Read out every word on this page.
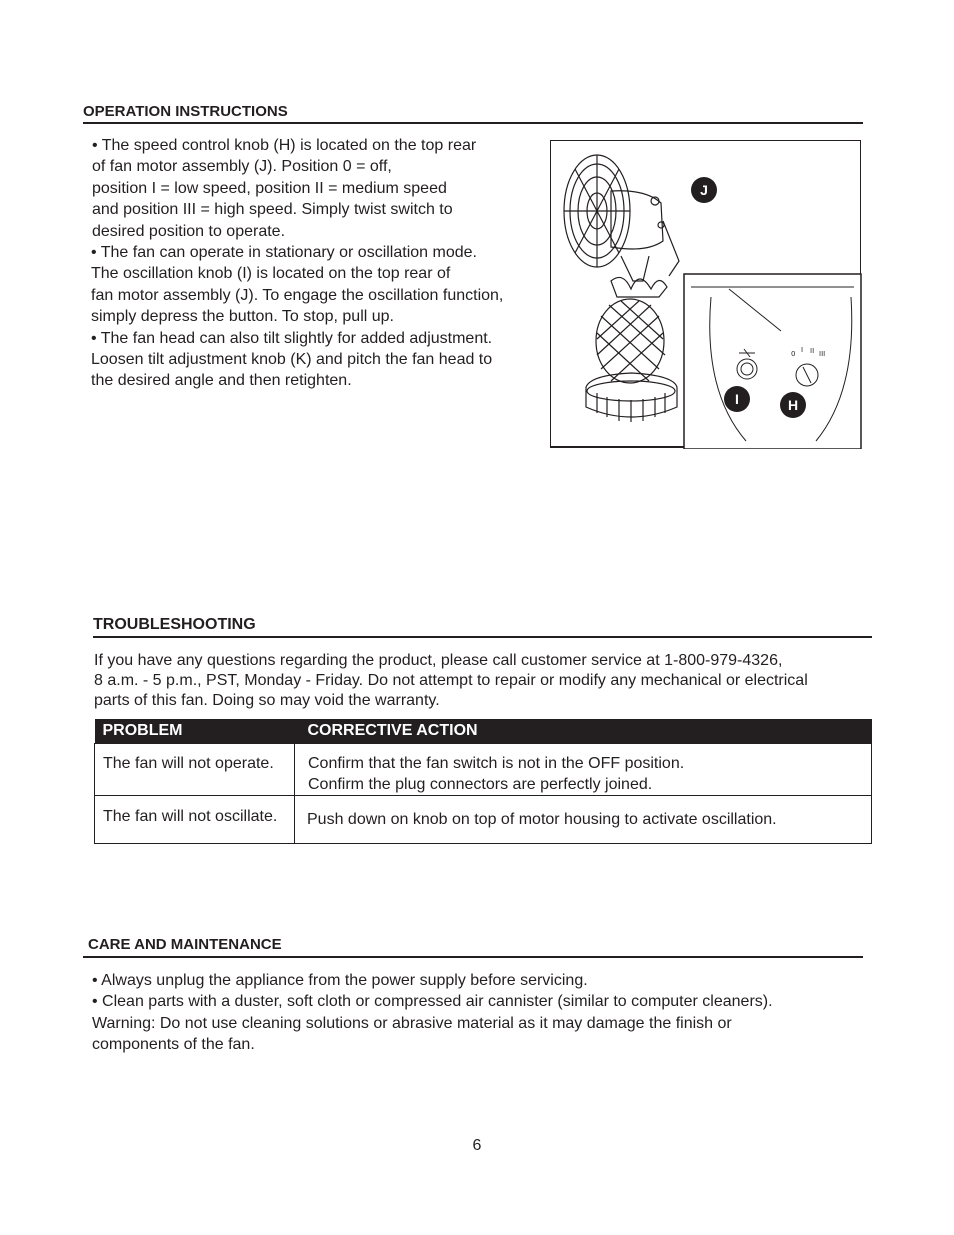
OPERATION INSTRUCTIONS
• The speed control knob (H) is located on the top rear
of fan motor assembly (J). Position 0 = off,
position I = low speed, position II = medium speed
and position III = high speed. Simply twist switch to
desired position to operate.
• The fan can operate in stationary or oscillation mode.
The oscillation knob (I) is located on the top rear of
fan motor assembly (J). To engage the oscillation function,
simply depress the button. To stop, pull up.
• The fan head can also tilt slightly for added adjustment.
Loosen tilt adjustment knob (K) and pitch the fan head to
the desired angle and then retighten.
0 I II III
J
I	H
TROUBLESHOOTING
If you have any questions regarding the product, please call customer service at 1-800-979-4326,
8 a.m. - 5 p.m., PST, Monday - Friday. Do not attempt to repair or modify any mechanical or electrical
parts of this fan. Doing so may void the warranty.
PROBLEM	CORRECTIVE ACTION
The fan will not operate.	Confirm that the fan switch is not in the OFF position.
Confirm the plug connectors are perfectly joined.

The fan will not oscillate.	Push down on knob on top of motor housing to activate oscillation.
CARE AND MAINTENANCE
• Always unplug the appliance from the power supply before servicing.
• Clean parts with a duster, soft cloth or compressed air cannister (similar to computer cleaners).
Warning: Do not use cleaning solutions or abrasive material as it may damage the finish or
components of the fan.
6
